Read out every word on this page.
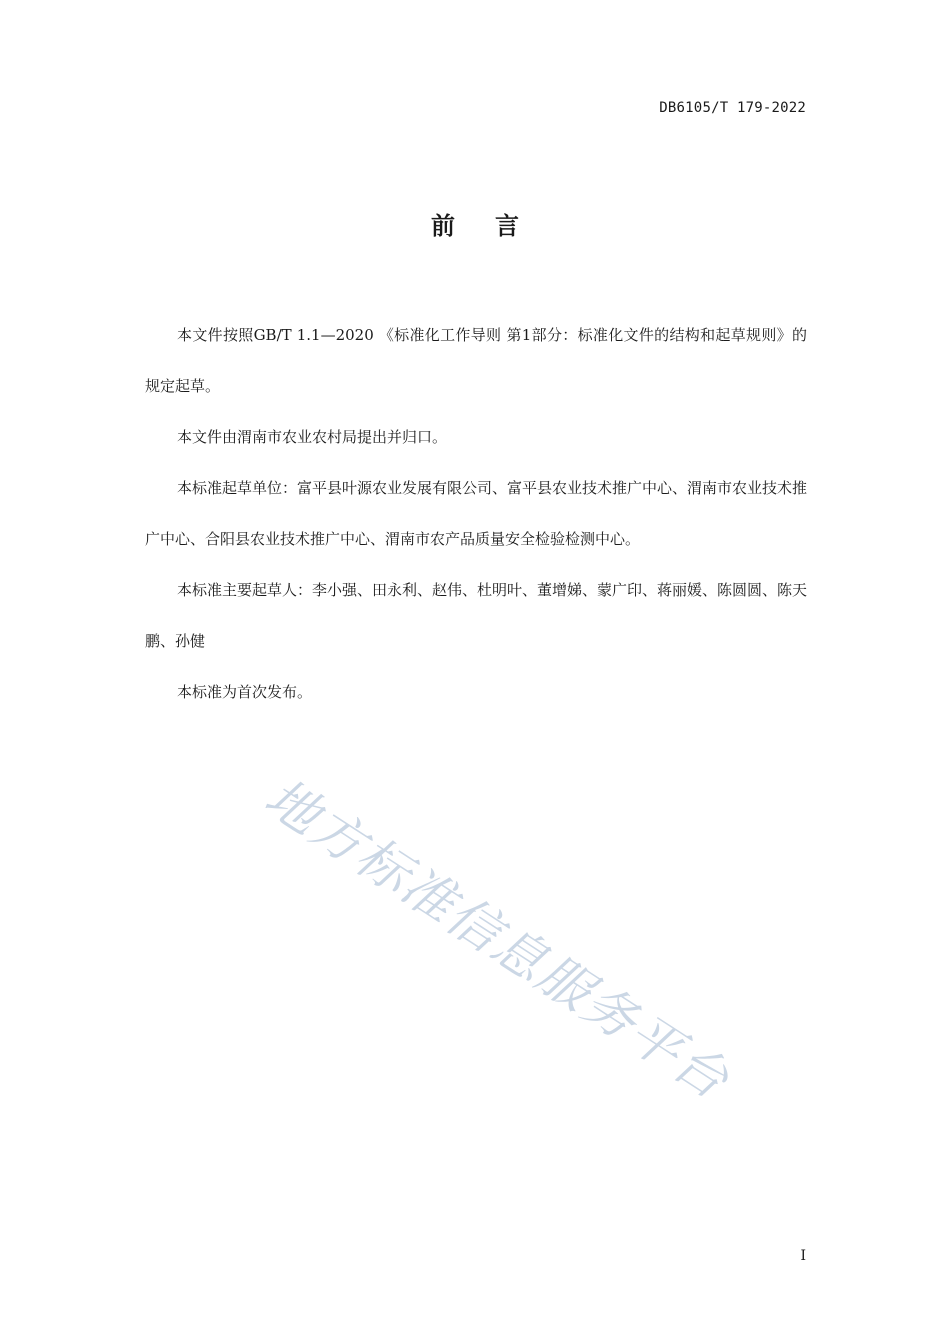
DB6105/T 179-2022
前言

本文件按照GB/T 1.1—2020 《标准化工作导则 第1部分：标准化文件的结构和起草规则》的规定起草。

本文件由渭南市农业农村局提出并归口。

本标准起草单位：富平县叶源农业发展有限公司、富平县农业技术推广中心、渭南市农业技术推广中心、合阳县农业技术推广中心、渭南市农产品质量安全检验检测中心。

本标准主要起草人：李小强、田永利、赵伟、杜明叶、董增娣、蒙广印、蒋丽媛、陈圆圆、陈天鹏、孙健

本标准为首次发布。

地方标准信息服务平台
I
